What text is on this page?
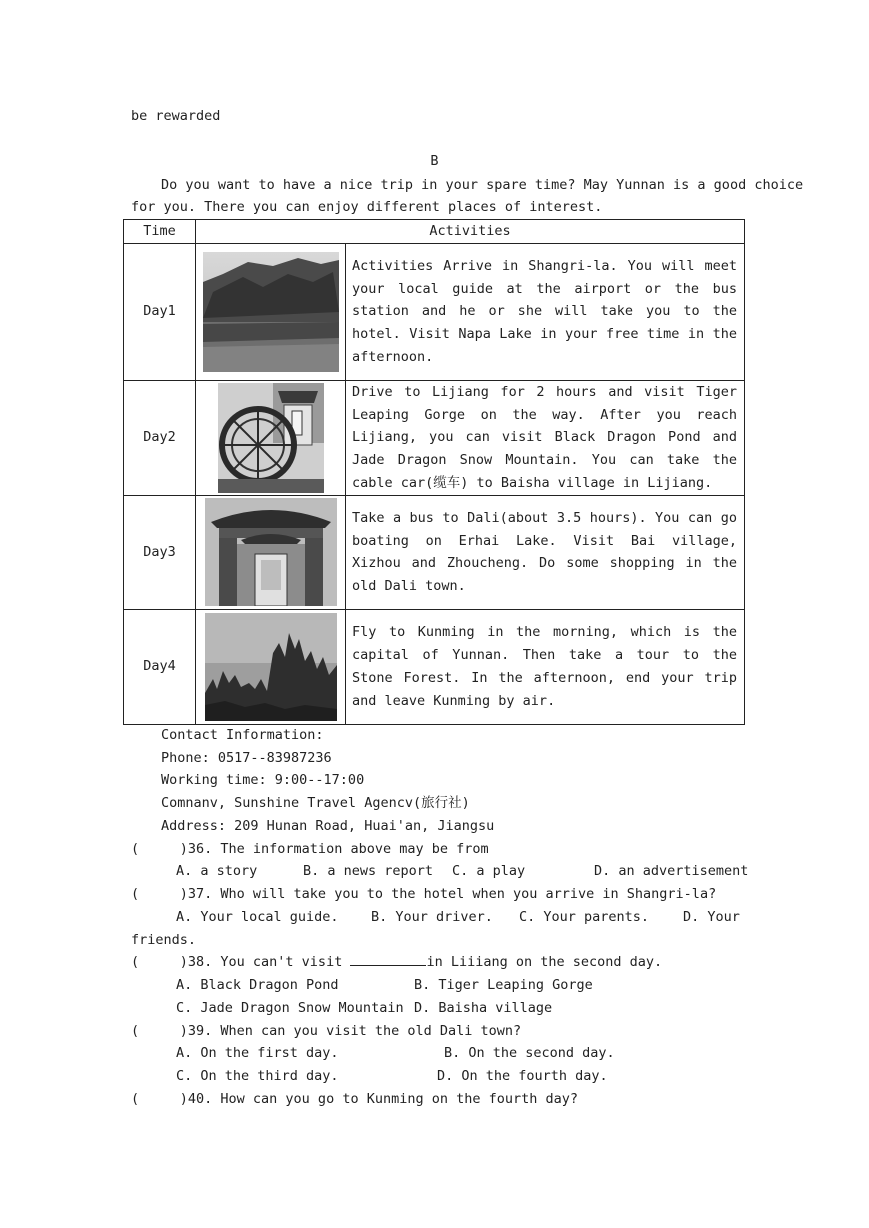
be rewarded
B
Do you want to have a nice trip in your spare time? May Yunnan is a good choice
for you. There you can enjoy different places of interest.
Time	Activities	
Day1		Activities Arrive in Shangri-la. You will meet your local guide at the airport or the bus station and he or she will take you to the hotel. Visit Napa Lake in your free time in the afternoon.
Day2		Drive to Lijiang for 2 hours and visit Tiger Leaping Gorge on the way. After you reach Lijiang, you can visit Black Dragon Pond and Jade Dragon Snow Mountain. You can take the cable car(缆车) to Baisha village in Lijiang.
Day3		Take a bus to Dali(about 3.5 hours). You can go boating on Erhai Lake. Visit Bai village, Xizhou and Zhoucheng. Do some shopping in the old Dali town.
Day4		Fly to Kunming in the morning, which is the capital of Yunnan. Then take a tour to the Stone Forest. In the afternoon, end your trip and leave Kunming by air.
Contact Information:
Phone: 0517--83987236
Working time: 9:00--17:00
Comnanv, Sunshine Travel Agencv(旅行社)
Address: 209 Hunan Road, Huai'an, Jiangsu
(     )36. The information above may be from
A. a story	B. a news report C. a play	D. an advertisement
(     )37. Who will take you to the hotel when you arrive in Shangri-la?
A. Your local guide. B. Your driver. C. Your parents.	D. Your
friends.
(     )38. You can't visit	in Liiiang on the second day.
A. Black Dragon Pond	B. Tiger Leaping Gorge
C. Jade Dragon Snow Mountain D. Baisha village
(     )39. When can you visit the old Dali town?
A. On the first day.	B. On the second day.
C. On the third day.	D. On the fourth day.
(     )40. How can you go to Kunming on the fourth day?
